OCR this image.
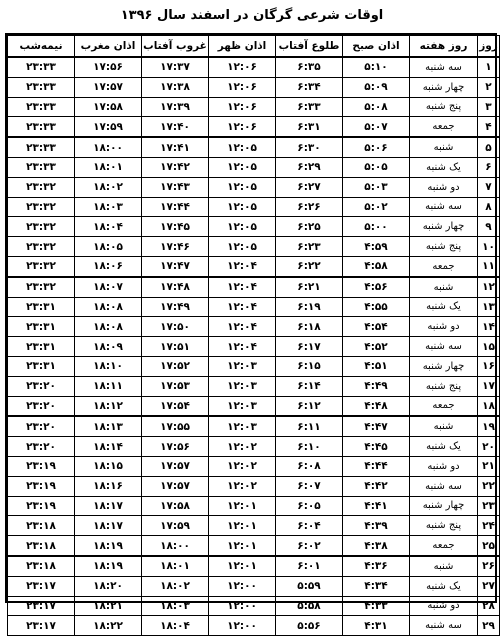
اوقات شرعی گرگان در اسفند سال ۱۳۹۶
روز	روز هفته	اذان صبح	طلوع آفتاب	اذان ظهر	غروب آفتاب	اذان مغرب	نیمه‌شب
۱	سه شنبه	۵:۱۰	۶:۳۵	۱۲:۰۶	۱۷:۳۷	۱۷:۵۶	۲۳:۳۳
۲	چهار شنبه	۵:۰۹	۶:۳۴	۱۲:۰۶	۱۷:۳۸	۱۷:۵۷	۲۳:۳۳
۳	پنج شنبه	۵:۰۸	۶:۳۳	۱۲:۰۶	۱۷:۳۹	۱۷:۵۸	۲۳:۳۳
۴	جمعه	۵:۰۷	۶:۳۱	۱۲:۰۶	۱۷:۴۰	۱۷:۵۹	۲۳:۳۳
۵	شنبه	۵:۰۶	۶:۳۰	۱۲:۰۵	۱۷:۴۱	۱۸:۰۰	۲۳:۳۳
۶	یک شنبه	۵:۰۵	۶:۲۹	۱۲:۰۵	۱۷:۴۲	۱۸:۰۱	۲۳:۳۳
۷	دو شنبه	۵:۰۳	۶:۲۷	۱۲:۰۵	۱۷:۴۳	۱۸:۰۲	۲۳:۳۲
۸	سه شنبه	۵:۰۲	۶:۲۶	۱۲:۰۵	۱۷:۴۴	۱۸:۰۳	۲۳:۳۲
۹	چهار شنبه	۵:۰۰	۶:۲۵	۱۲:۰۵	۱۷:۴۵	۱۸:۰۴	۲۳:۳۲
۱۰	پنج شنبه	۴:۵۹	۶:۲۳	۱۲:۰۵	۱۷:۴۶	۱۸:۰۵	۲۳:۳۲
۱۱	جمعه	۴:۵۸	۶:۲۲	۱۲:۰۴	۱۷:۴۷	۱۸:۰۶	۲۳:۳۲
۱۲	شنبه	۴:۵۶	۶:۲۱	۱۲:۰۴	۱۷:۴۸	۱۸:۰۷	۲۳:۳۲
۱۳	یک شنبه	۴:۵۵	۶:۱۹	۱۲:۰۴	۱۷:۴۹	۱۸:۰۸	۲۳:۳۱
۱۴	دو شنبه	۴:۵۴	۶:۱۸	۱۲:۰۴	۱۷:۵۰	۱۸:۰۸	۲۳:۳۱
۱۵	سه شنبه	۴:۵۲	۶:۱۷	۱۲:۰۴	۱۷:۵۱	۱۸:۰۹	۲۳:۳۱
۱۶	چهار شنبه	۴:۵۱	۶:۱۵	۱۲:۰۳	۱۷:۵۲	۱۸:۱۰	۲۳:۳۱
۱۷	پنج شنبه	۴:۴۹	۶:۱۴	۱۲:۰۳	۱۷:۵۳	۱۸:۱۱	۲۳:۲۰
۱۸	جمعه	۴:۴۸	۶:۱۲	۱۲:۰۳	۱۷:۵۴	۱۸:۱۲	۲۳:۲۰
۱۹	شنبه	۴:۴۷	۶:۱۱	۱۲:۰۳	۱۷:۵۵	۱۸:۱۳	۲۳:۲۰
۲۰	یک شنبه	۴:۴۵	۶:۱۰	۱۲:۰۲	۱۷:۵۶	۱۸:۱۴	۲۳:۲۰
۲۱	دو شنبه	۴:۴۴	۶:۰۸	۱۲:۰۲	۱۷:۵۷	۱۸:۱۵	۲۳:۱۹
۲۲	سه شنبه	۴:۴۲	۶:۰۷	۱۲:۰۲	۱۷:۵۷	۱۸:۱۶	۲۳:۱۹
۲۳	چهار شنبه	۴:۴۱	۶:۰۵	۱۲:۰۱	۱۷:۵۸	۱۸:۱۷	۲۳:۱۹
۲۴	پنج شنبه	۴:۳۹	۶:۰۴	۱۲:۰۱	۱۷:۵۹	۱۸:۱۷	۲۳:۱۸
۲۵	جمعه	۴:۳۸	۶:۰۲	۱۲:۰۱	۱۸:۰۰	۱۸:۱۹	۲۳:۱۸
۲۶	شنبه	۴:۳۶	۶:۰۱	۱۲:۰۱	۱۸:۰۱	۱۸:۱۹	۲۳:۱۸
۲۷	یک شنبه	۴:۳۴	۵:۵۹	۱۲:۰۰	۱۸:۰۲	۱۸:۲۰	۲۳:۱۷
۲۸	دو شنبه	۴:۳۳	۵:۵۸	۱۲:۰۰	۱۸:۰۳	۱۸:۲۱	۲۳:۱۷
۲۹	سه شنبه	۴:۳۱	۵:۵۶	۱۲:۰۰	۱۸:۰۴	۱۸:۲۲	۲۳:۱۷
